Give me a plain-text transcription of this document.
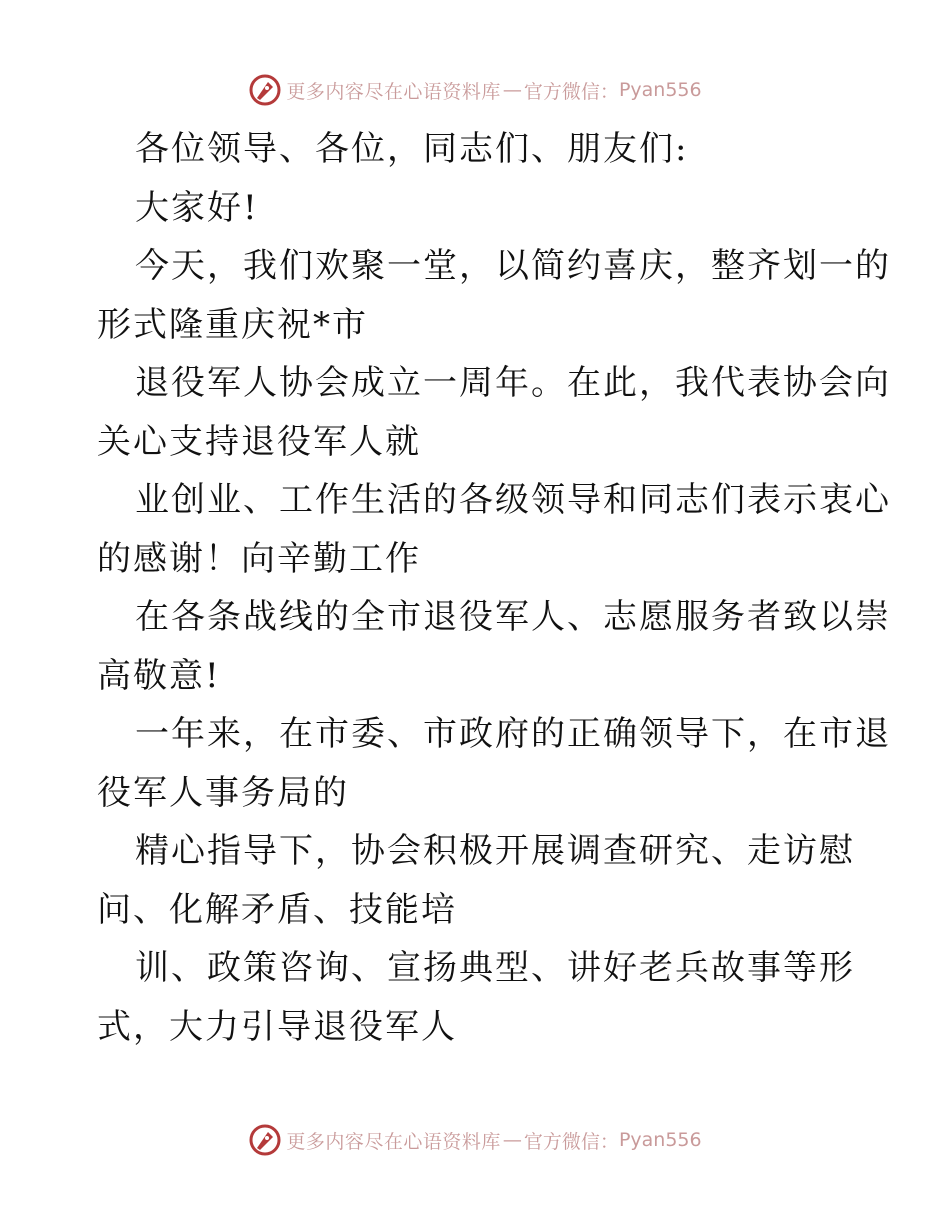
更多内容尽在心语资料库 — 官方微信： Pyan556
各位领导、各位，同志们、朋友们:
大家好!
今天，我们欢聚一堂，以简约喜庆，整齐划一的
形式隆重庆祝*市
退役军人协会成立一周年。在此，我代表协会向
关心支持退役军人就
业创业、工作生活的各级领导和同志们表示衷心
的感谢！向辛勤工作
在各条战线的全市退役军人、志愿服务者致以崇
高敬意!
一年来，在市委、市政府的正确领导下，在市退
役军人事务局的
精心指导下，协会积极开展调查研究、走访慰
问、化解矛盾、技能培
训、政策咨询、宣扬典型、讲好老兵故事等形
式，大力引导退役军人
更多内容尽在心语资料库 — 官方微信： Pyan556
